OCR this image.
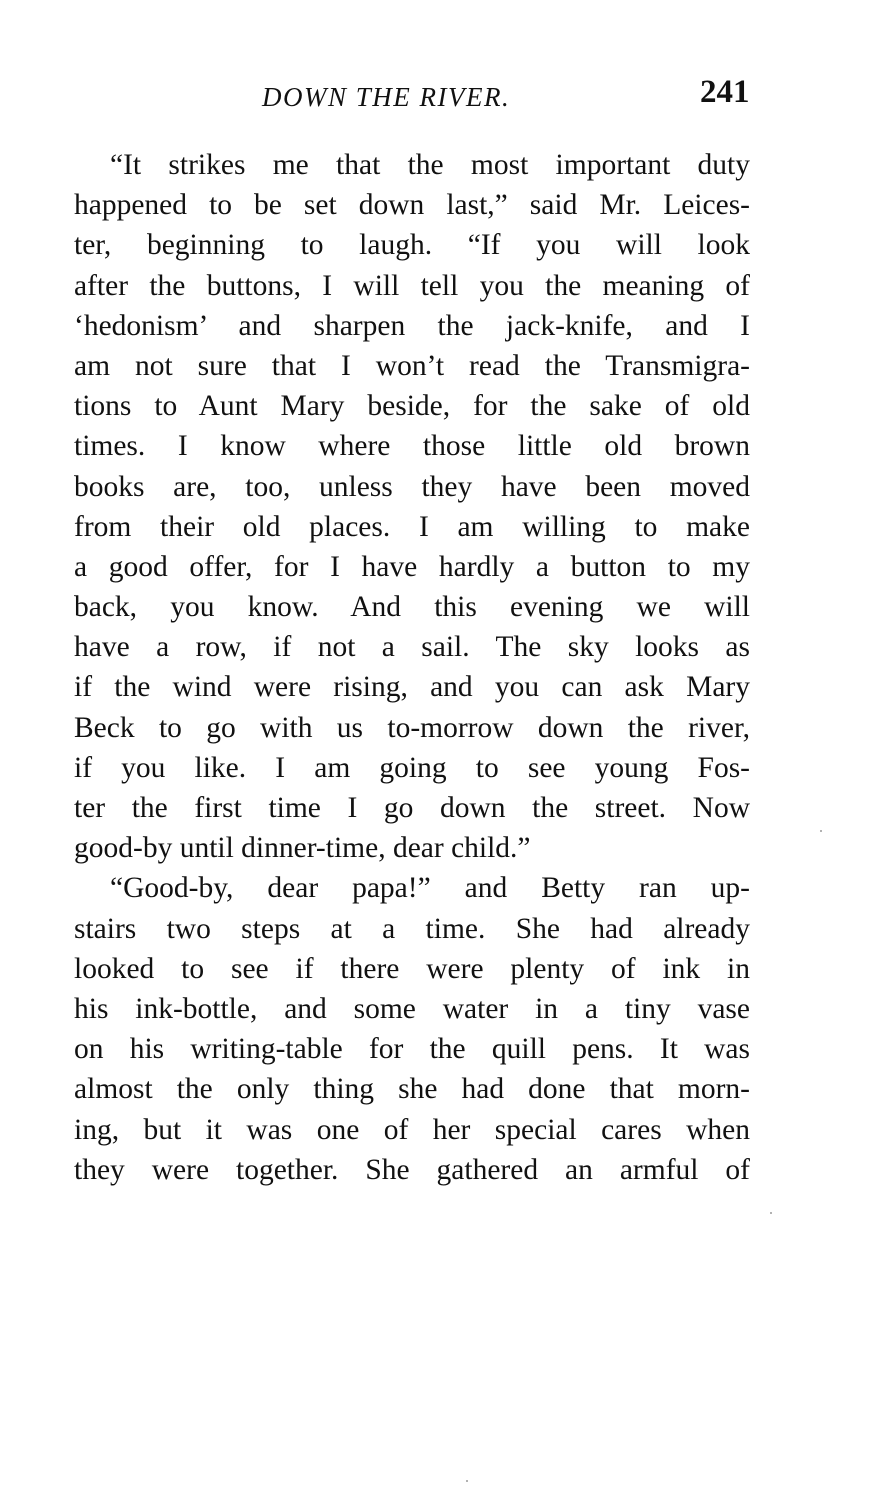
DOWN THE RIVER.	241
“It strikes me that the most important duty
happened to be set down last,” said Mr. Leices-
ter, beginning to laugh. “If you will look
after the buttons, I will tell you the meaning of
‘hedonism’ and sharpen the jack-knife, and I
am not sure that I won’t read the Transmigra-
tions to Aunt Mary beside, for the sake of old
times. I know where those little old brown
books are, too, unless they have been moved
from their old places. I am willing to make
a good offer, for I have hardly a button to my
back, you know. And this evening we will
have a row, if not a sail. The sky looks as
if the wind were rising, and you can ask Mary
Beck to go with us to-morrow down the river,
if you like. I am going to see young Fos-
ter the first time I go down the street. Now
good-by until dinner-time, dear child.”
“Good-by, dear papa!” and Betty ran up-
stairs two steps at a time. She had already
looked to see if there were plenty of ink in
his ink-bottle, and some water in a tiny vase
on his writing-table for the quill pens. It was
almost the only thing she had done that morn-
ing, but it was one of her special cares when
they were together. She gathered an armful of
